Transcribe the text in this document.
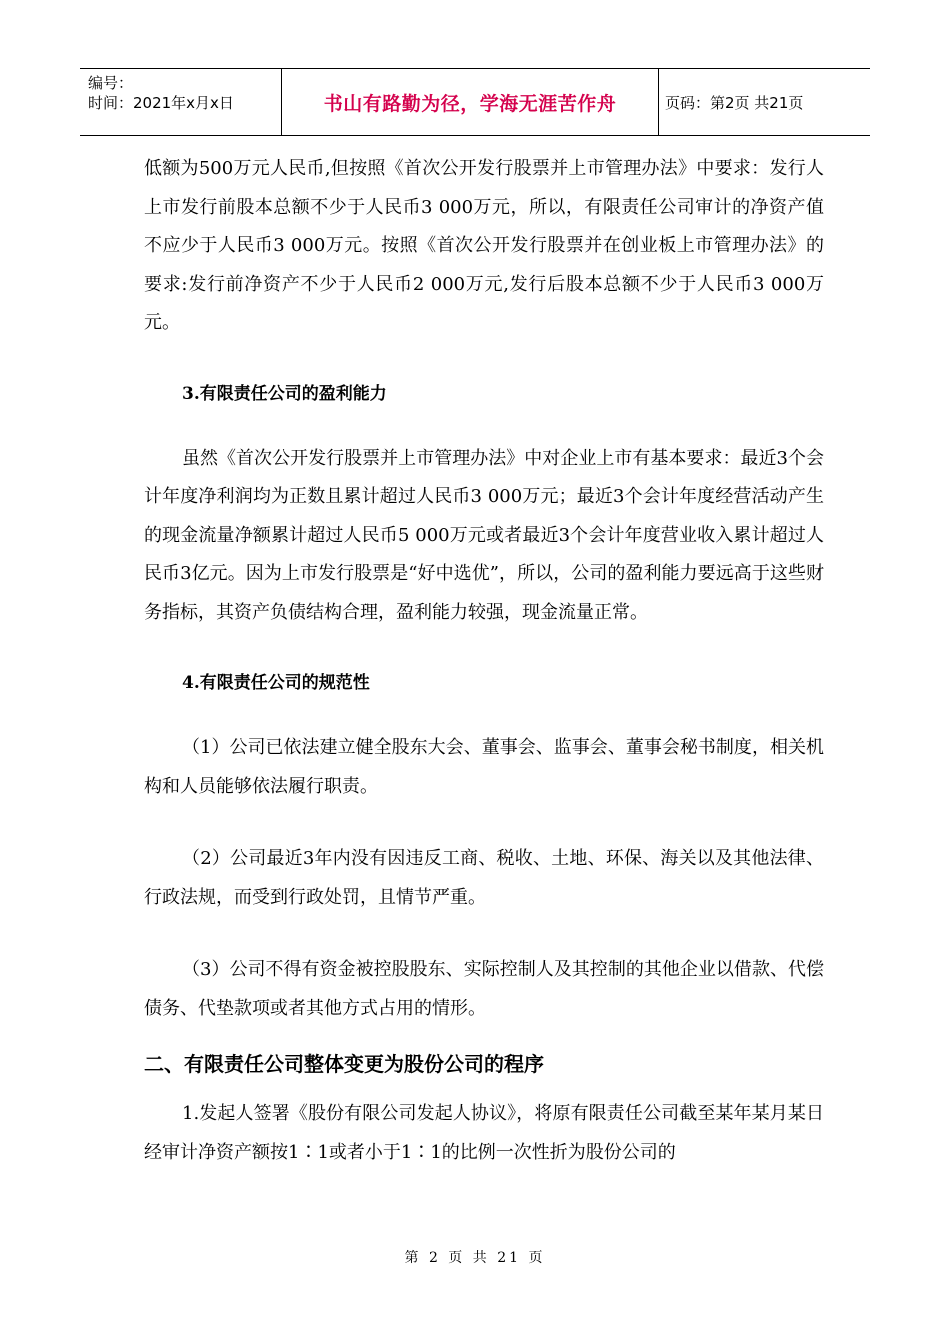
编号：
时间：2021年x月x日	书山有路勤为径，学海无涯苦作舟	页码：第2页 共21页

低额为500万元人民币,但按照《首次公开发行股票并上市管理办法》中要求：发行人上市发行前股本总额不少于人民币3 000万元，所以，有限责任公司审计的净资产值不应少于人民币3 000万元。按照《首次公开发行股票并在创业板上市管理办法》的要求:发行前净资产不少于人民币2 000万元,发行后股本总额不少于人民币3 000万元。

3.有限责任公司的盈利能力

虽然《首次公开发行股票并上市管理办法》中对企业上市有基本要求：最近3个会计年度净利润均为正数且累计超过人民币3 000万元；最近3个会计年度经营活动产生的现金流量净额累计超过人民币5 000万元或者最近3个会计年度营业收入累计超过人民币3亿元。因为上市发行股票是“好中选优”，所以，公司的盈利能力要远高于这些财务指标，其资产负债结构合理，盈利能力较强，现金流量正常。

4.有限责任公司的规范性

（1）公司已依法建立健全股东大会、董事会、监事会、董事会秘书制度，相关机构和人员能够依法履行职责。

（2）公司最近3年内没有因违反工商、税收、土地、环保、海关以及其他法律、行政法规，而受到行政处罚，且情节严重。

（3）公司不得有资金被控股股东、实际控制人及其控制的其他企业以借款、代偿债务、代垫款项或者其他方式占用的情形。

二、有限责任公司整体变更为股份公司的程序

1.发起人签署《股份有限公司发起人协议》，将原有限责任公司截至某年某月某日经审计净资产额按1∶1或者小于1∶1的比例一次性折为股份公司的

第 2 页 共 21 页
